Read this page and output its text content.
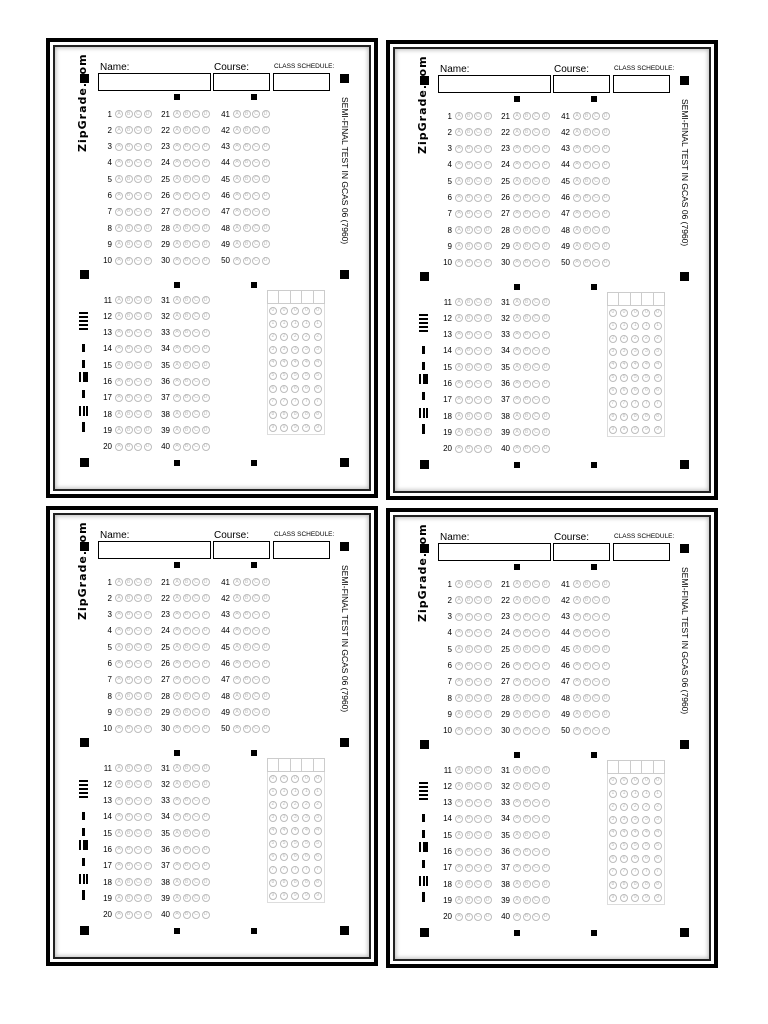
Name:	Course:	CLASS SCHEDULE:
ZipGrade.com	SEMI-FINAL TEST IN GCAS 06 (7960)
1	A	B	C	D
2	A	B	C	D
3	A	B	C	D
4	A	B	C	D
5	A	B	C	D
6	A	B	C	D
7	A	B	C	D
8	A	B	C	D
9	A	B	C	D
10	A	B	C	D
21	A	B	C	D
22	A	B	C	D
23	A	B	C	D
24	A	B	C	D
25	A	B	C	D
26	A	B	C	D
27	A	B	C	D
28	A	B	C	D
29	A	B	C	D
30	A	B	C	D
41	A	B	C	D
42	A	B	C	D
43	A	B	C	D
44	A	B	C	D
45	A	B	C	D
46	A	B	C	D
47	A	B	C	D
48	A	B	C	D
49	A	B	C	D
50	A	B	C	D
11	A	B	C	D
12	A	B	C	D
13	A	B	C	D
14	A	B	C	D
15	A	B	C	D
16	A	B	C	D
17	A	B	C	D
18	A	B	C	D
19	A	B	C	D
20	A	B	C	D
31	A	B	C	D
32	A	B	C	D
33	A	B	C	D
34	A	B	C	D
35	A	B	C	D
36	A	B	C	D
37	A	B	C	D
38	A	B	C	D
39	A	B	C	D
40	A	B	C	D
0	0	0	0	0
1	1	1	1	1
2	2	2	2	2
3	3	3	3	3
4	4	4	4	4
5	5	5	5	5
6	6	6	6	6
7	7	7	7	7
8	8	8	8	8
9	9	9	9	9
Name:	Course:	CLASS SCHEDULE:
ZipGrade.com	SEMI-FINAL TEST IN GCAS 06 (7960)
1	A	B	C	D
2	A	B	C	D
3	A	B	C	D
4	A	B	C	D
5	A	B	C	D
6	A	B	C	D
7	A	B	C	D
8	A	B	C	D
9	A	B	C	D
10	A	B	C	D
21	A	B	C	D
22	A	B	C	D
23	A	B	C	D
24	A	B	C	D
25	A	B	C	D
26	A	B	C	D
27	A	B	C	D
28	A	B	C	D
29	A	B	C	D
30	A	B	C	D
41	A	B	C	D
42	A	B	C	D
43	A	B	C	D
44	A	B	C	D
45	A	B	C	D
46	A	B	C	D
47	A	B	C	D
48	A	B	C	D
49	A	B	C	D
50	A	B	C	D
11	A	B	C	D
12	A	B	C	D
13	A	B	C	D
14	A	B	C	D
15	A	B	C	D
16	A	B	C	D
17	A	B	C	D
18	A	B	C	D
19	A	B	C	D
20	A	B	C	D
31	A	B	C	D
32	A	B	C	D
33	A	B	C	D
34	A	B	C	D
35	A	B	C	D
36	A	B	C	D
37	A	B	C	D
38	A	B	C	D
39	A	B	C	D
40	A	B	C	D
0	0	0	0	0
1	1	1	1	1
2	2	2	2	2
3	3	3	3	3
4	4	4	4	4
5	5	5	5	5
6	6	6	6	6
7	7	7	7	7
8	8	8	8	8
9	9	9	9	9
Name:	Course:	CLASS SCHEDULE:
ZipGrade.com	SEMI-FINAL TEST IN GCAS 06 (7960)
1	A	B	C	D
2	A	B	C	D
3	A	B	C	D
4	A	B	C	D
5	A	B	C	D
6	A	B	C	D
7	A	B	C	D
8	A	B	C	D
9	A	B	C	D
10	A	B	C	D
21	A	B	C	D
22	A	B	C	D
23	A	B	C	D
24	A	B	C	D
25	A	B	C	D
26	A	B	C	D
27	A	B	C	D
28	A	B	C	D
29	A	B	C	D
30	A	B	C	D
41	A	B	C	D
42	A	B	C	D
43	A	B	C	D
44	A	B	C	D
45	A	B	C	D
46	A	B	C	D
47	A	B	C	D
48	A	B	C	D
49	A	B	C	D
50	A	B	C	D
11	A	B	C	D
12	A	B	C	D
13	A	B	C	D
14	A	B	C	D
15	A	B	C	D
16	A	B	C	D
17	A	B	C	D
18	A	B	C	D
19	A	B	C	D
20	A	B	C	D
31	A	B	C	D
32	A	B	C	D
33	A	B	C	D
34	A	B	C	D
35	A	B	C	D
36	A	B	C	D
37	A	B	C	D
38	A	B	C	D
39	A	B	C	D
40	A	B	C	D
0	0	0	0	0
1	1	1	1	1
2	2	2	2	2
3	3	3	3	3
4	4	4	4	4
5	5	5	5	5
6	6	6	6	6
7	7	7	7	7
8	8	8	8	8
9	9	9	9	9
Name:	Course:	CLASS SCHEDULE:
ZipGrade.com	SEMI-FINAL TEST IN GCAS 06 (7960)
1	A	B	C	D
2	A	B	C	D
3	A	B	C	D
4	A	B	C	D
5	A	B	C	D
6	A	B	C	D
7	A	B	C	D
8	A	B	C	D
9	A	B	C	D
10	A	B	C	D
21	A	B	C	D
22	A	B	C	D
23	A	B	C	D
24	A	B	C	D
25	A	B	C	D
26	A	B	C	D
27	A	B	C	D
28	A	B	C	D
29	A	B	C	D
30	A	B	C	D
41	A	B	C	D
42	A	B	C	D
43	A	B	C	D
44	A	B	C	D
45	A	B	C	D
46	A	B	C	D
47	A	B	C	D
48	A	B	C	D
49	A	B	C	D
50	A	B	C	D
11	A	B	C	D
12	A	B	C	D
13	A	B	C	D
14	A	B	C	D
15	A	B	C	D
16	A	B	C	D
17	A	B	C	D
18	A	B	C	D
19	A	B	C	D
20	A	B	C	D
31	A	B	C	D
32	A	B	C	D
33	A	B	C	D
34	A	B	C	D
35	A	B	C	D
36	A	B	C	D
37	A	B	C	D
38	A	B	C	D
39	A	B	C	D
40	A	B	C	D
0	0	0	0	0
1	1	1	1	1
2	2	2	2	2
3	3	3	3	3
4	4	4	4	4
5	5	5	5	5
6	6	6	6	6
7	7	7	7	7
8	8	8	8	8
9	9	9	9	9
